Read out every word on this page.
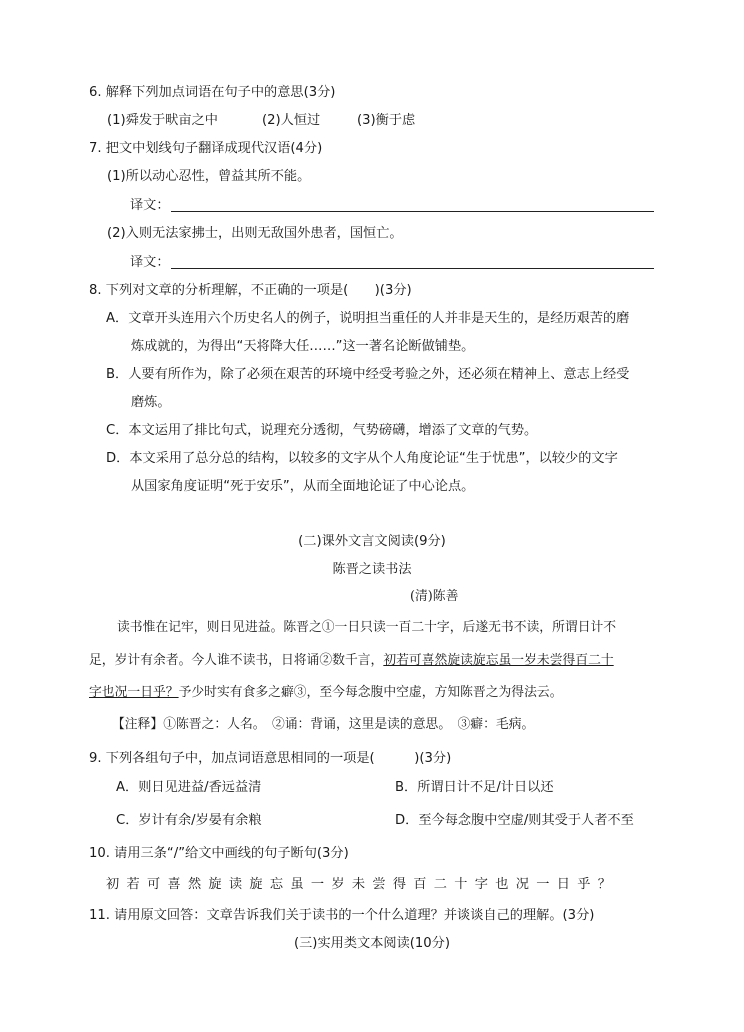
6. 解释下列加点词语在句子中的意思(3分)
(1)舜发于畎亩之中	(2)人恒过	(3)衡于虑
7. 把文中划线句子翻译成现代汉语(4分)
(1)所以动心忍性，曾益其所不能。
译文：
(2)入则无法家拂士，出则无敌国外患者，国恒亡。
译文：
8. 下列对文章的分析理解，不正确的一项是(　　)(3分)
A．文章开头连用六个历史名人的例子，说明担当重任的人并非是天生的，是经历艰苦的磨
炼成就的，为得出“天将降大任……”这一著名论断做铺垫。
B．人要有所作为，除了必须在艰苦的环境中经受考验之外，还必须在精神上、意志上经受
磨炼。
C．本文运用了排比句式，说理充分透彻，气势磅礴，增添了文章的气势。
D．本文采用了总分总的结构，以较多的文字从个人角度论证“生于忧患”，以较少的文字
从国家角度证明“死于安乐”，从而全面地论证了中心论点。
(二)课外文言文阅读(9分)
陈晋之读书法
(清)陈善
读书惟在记牢，则日见进益。陈晋之①一日只读一百二十字，后遂无书不读，所谓日计不
足，岁计有余者。今人谁不读书，日将诵②数千言，初若可喜然旋读旋忘虽一岁未尝得百二十
字也况一日乎？予少时实有食多之癖③，至今每念腹中空虚，方知陈晋之为得法云。
【注释】①陈晋之：人名。　②诵：背诵，这里是读的意思。　③癖：毛病。
9. 下列各组句子中，加点词语意思相同的一项是(　　　)(3分)
A．则日见进益/香远益清	B．所谓日计不足/计日以还
C．岁计有余/岁晏有余粮	D．至今每念腹中空虚/则其受于人者不至
10. 请用三条“/”给文中画线的句子断句(3分)
初若可喜然旋读旋忘虽一岁未尝得百二十字也况一日乎？
11. 请用原文回答：文章告诉我们关于读书的一个什么道理？并谈谈自己的理解。(3分)
(三)实用类文本阅读(10分)
